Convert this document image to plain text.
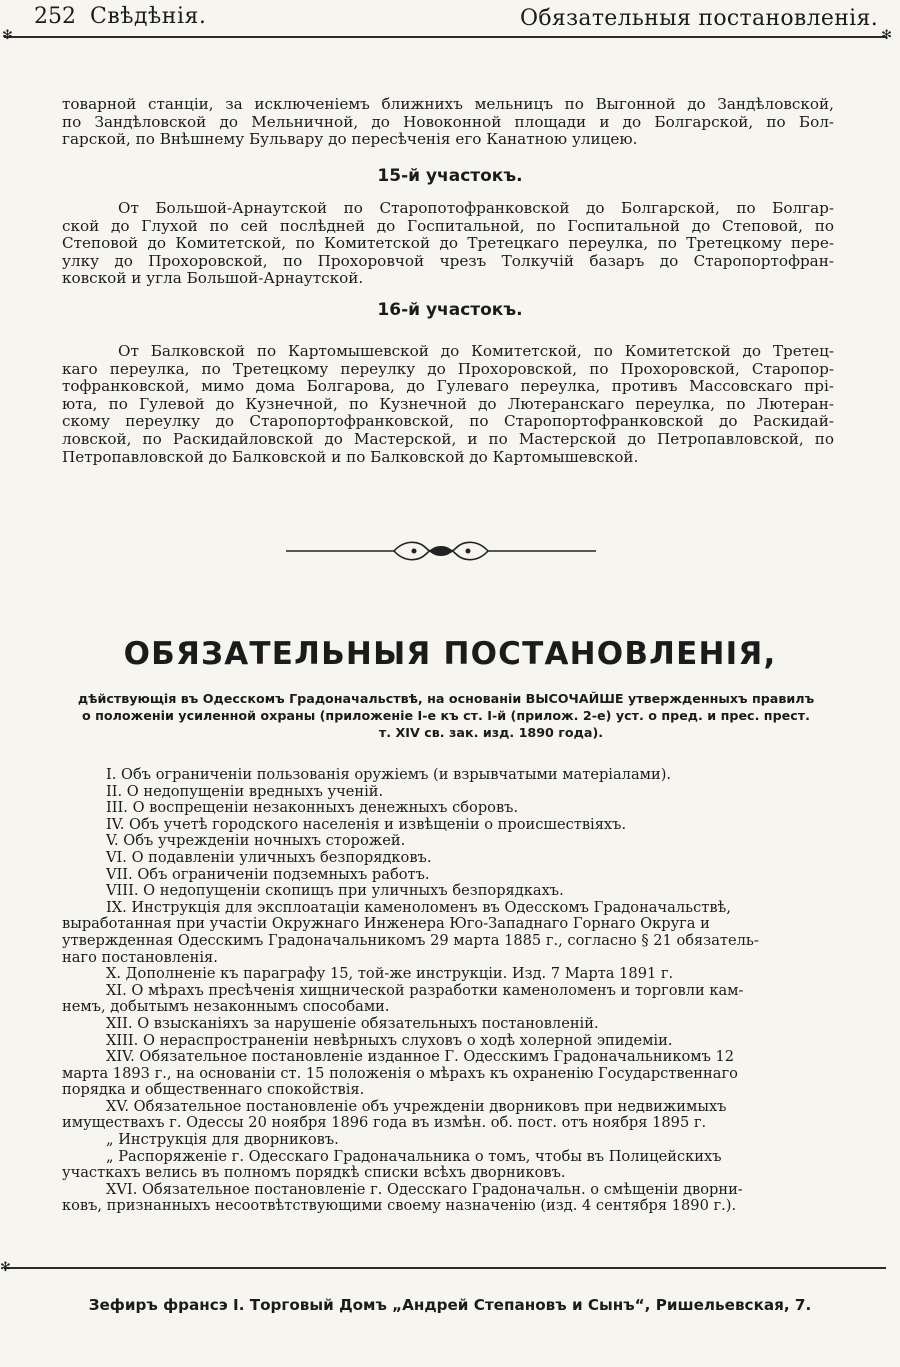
252 Свѣдѣнія.	Обязательныя постановленія.
✻	✻
товарной станціи, за исключеніемъ ближнихъ мельницъ по Выгонной до Зандѣловской,
по Зандѣловской до Мельничной, до Новоконной площади и до Болгарской, по Бол-
гарской, по Внѣшнему Бульвару до пересѣченія его Канатною улицею.
15-й участокъ.
От Большой-Арнаутской по Старопотофранковской до Болгарской, по Болгар-
ской до Глухой по сей послѣдней до Госпитальной, по Госпитальной до Степовой, по
Степовой до Комитетской, по Комитетской до Третецкаго переулка, по Третецкому пере-
улку до Прохоровской, по Прохоровчой чрезъ Толкучій базаръ до Старопортофран-
ковской и угла Большой-Арнаутской.
16-й участокъ.
От Балковской по Картомышевской до Комитетской, по Комитетской до Третец-
каго переулка, по Третецкому переулку до Прохоровской, по Прохоровской, Старопор-
тофранковской, мимо дома Болгарова, до Гулеваго переулка, противъ Массовскаго прі-
юта, по Гулевой до Кузнечной, по Кузнечной до Лютеранскаго переулка, по Лютеран-
скому переулку до Старопортофранковской, по Старопортофранковской до Раскидай-
ловской, по Раскидайловской до Мастерской, и по Мастерской до Петропавловской, по
Петропавловской до Балковской и по Балковской до Картомышевской.
ОБЯЗАТЕЛЬНЫЯ ПОСТАНОВЛЕНІЯ,
дѣйствующія въ Одесскомъ Градоначальствѣ, на основаніи ВЫСОЧАЙШЕ утвержденныхъ правилъ
о положеніи усиленной охраны (приложеніе I-е къ ст. I-й (прилож. 2-е) уст. о пред. и прес. прест.
т. XIV св. зак. изд. 1890 года).
I. Объ ограниченіи пользованія оружіемъ (и взрывчатыми матеріалами).
II. О недопущеніи вредныхъ ученій.
III. О воспрещеніи незаконныхъ денежныхъ сборовъ.
IV. Объ учетѣ городского населенія и извѣщеніи о происшествіяхъ.
V. Объ учрежденіи ночныхъ сторожей.
VI. О подавленіи уличныхъ безпорядковъ.
VII. Объ ограниченіи подземныхъ работъ.
VIII. О недопущеніи скопищъ при уличныхъ безпорядкахъ.
IX. Инструкція для эксплоатаціи каменоломенъ въ Одесскомъ Градоначальствѣ,
выработанная при участіи Окружнаго Инженера Юго-Западнаго Горнаго Округа и
утвержденная Одесскимъ Градоначальникомъ 29 марта 1885 г., согласно § 21 обязатель-
наго постановленія.
X. Дополненіе къ параграфу 15, той-же инструкціи. Изд. 7 Марта 1891 г.
XI. О мѣрахъ пресѣченія хищнической разработки каменоломенъ и торговли кам-
немъ, добытымъ незаконнымъ способами.
XII. О взысканіяхъ за нарушеніе обязательныхъ постановленій.
XIII. О нераспространеніи невѣрныхъ слуховъ о ходѣ холерной эпидеміи.
XIV. Обязательное постановленіе изданное Г. Одесскимъ Градоначальникомъ 12
марта 1893 г., на основаніи ст. 15 положенія о мѣрахъ къ охраненію Государственнаго
порядка и общественнаго спокойствія.
XV. Обязательное постановленіе объ учрежденіи дворниковъ при недвижимыхъ
имуществахъ г. Одессы 20 ноября 1896 года въ измѣн. об. пост. отъ ноября 1895 г.
„ Инструкція для дворниковъ.
„ Распоряженіе г. Одесскаго Градоначальника о томъ, чтобы въ Полицейскихъ
участкахъ велись въ полномъ порядкѣ списки всѣхъ дворниковъ.
XVI. Обязательное постановленіе г. Одесскаго Градоначальн. о смѣщеніи дворни-
ковъ, признанныхъ несоотвѣтствующими своему назначенію (изд. 4 сентября 1890 г.).
✻
Зефиръ франсэ I. Торговый Домъ „Андрей Степановъ и Сынъ“, Ришельевская, 7.
